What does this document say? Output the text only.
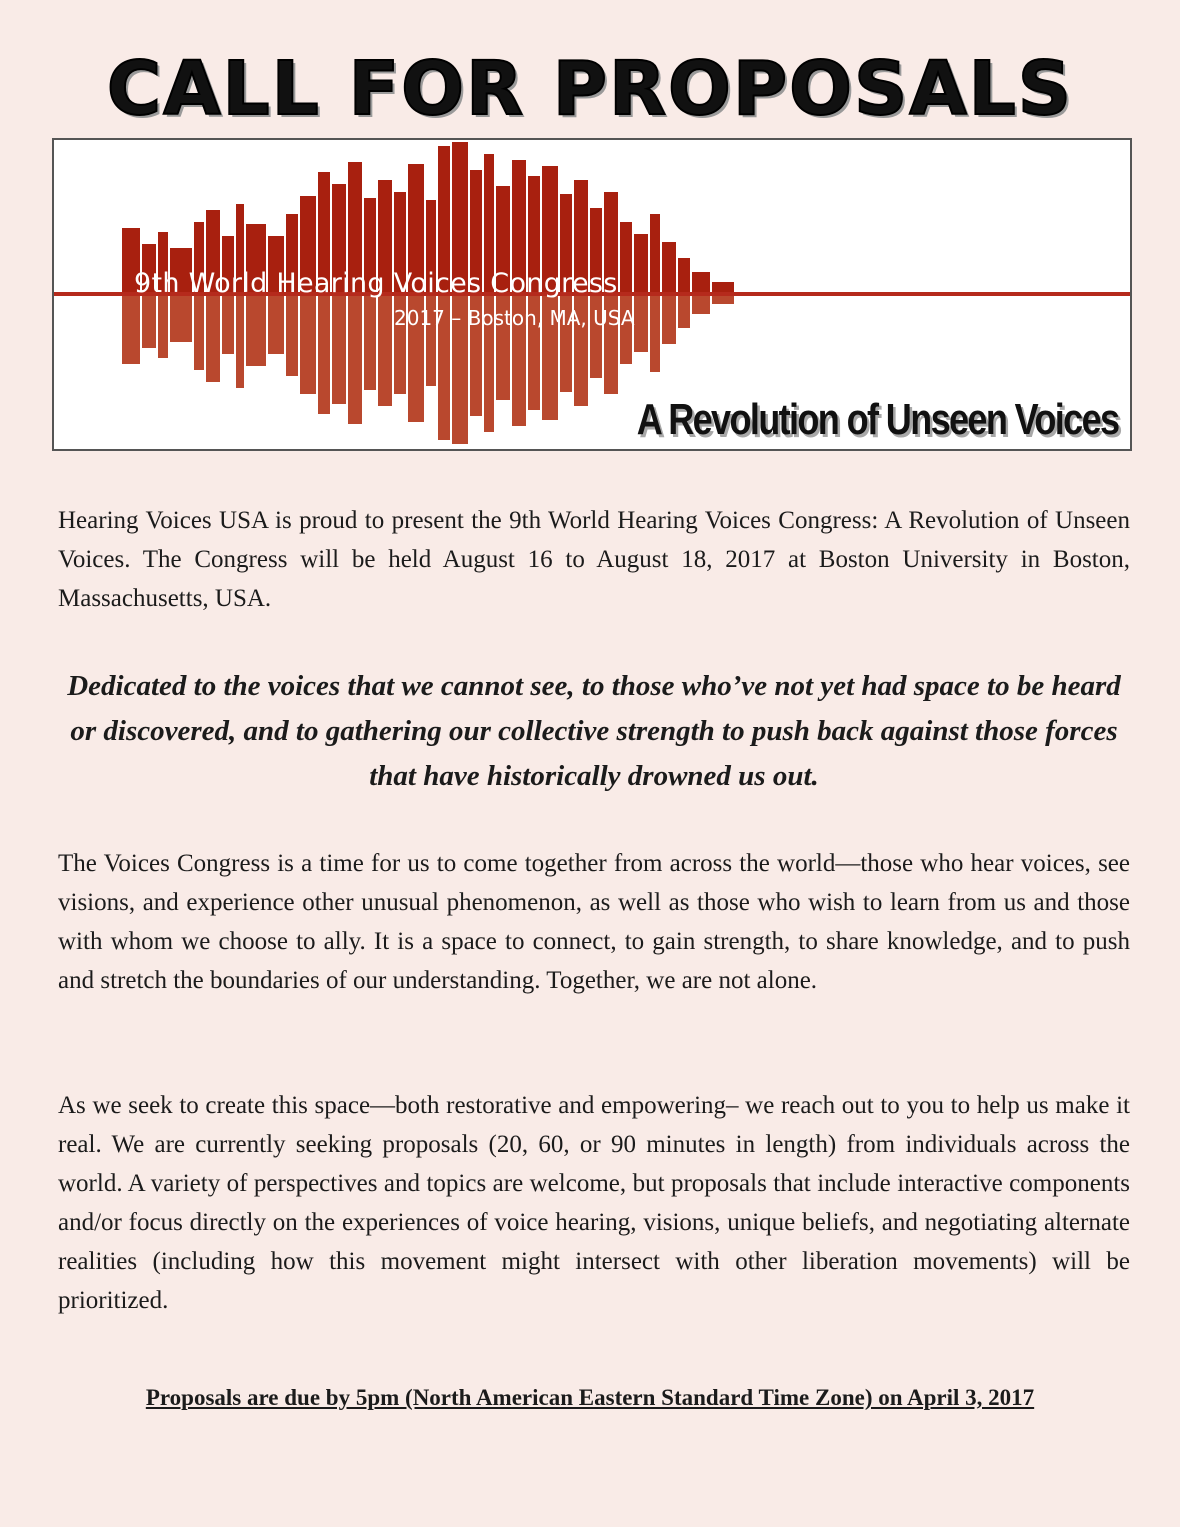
CALL FOR PROPOSALS
9th World Hearing Voices Congress
2017 – Boston, MA, USA
A Revolution of Unseen Voices

Hearing Voices USA is proud to present the 9th World Hearing Voices Congress: A Revolution of Unseen Voices. The Congress will be held August 16 to August 18, 2017 at Boston University in Boston, Massachusetts, USA.

Dedicated to the voices that we cannot see, to those who’ve not yet had space to be heard or discovered, and to gathering our collective strength to push back against those forces that have historically drowned us out.

The Voices Congress is a time for us to come together from across the world—those who hear voices, see visions, and experience other unusual phenomenon, as well as those who wish to learn from us and those with whom we choose to ally. It is a space to connect, to gain strength, to share knowledge, and to push and stretch the boundaries of our understanding. Together, we are not alone.

As we seek to create this space—both restorative and empowering– we reach out to you to help us make it real. We are currently seeking proposals (20, 60, or 90 minutes in length) from individuals across the world. A variety of perspectives and topics are welcome, but proposals that include interactive components and/or focus directly on the experiences of voice hearing, visions, unique beliefs, and negotiating alternate realities (including how this movement might intersect with other liberation movements) will be prioritized.

Proposals are due by 5pm (North American Eastern Standard Time Zone) on April 3, 2017
